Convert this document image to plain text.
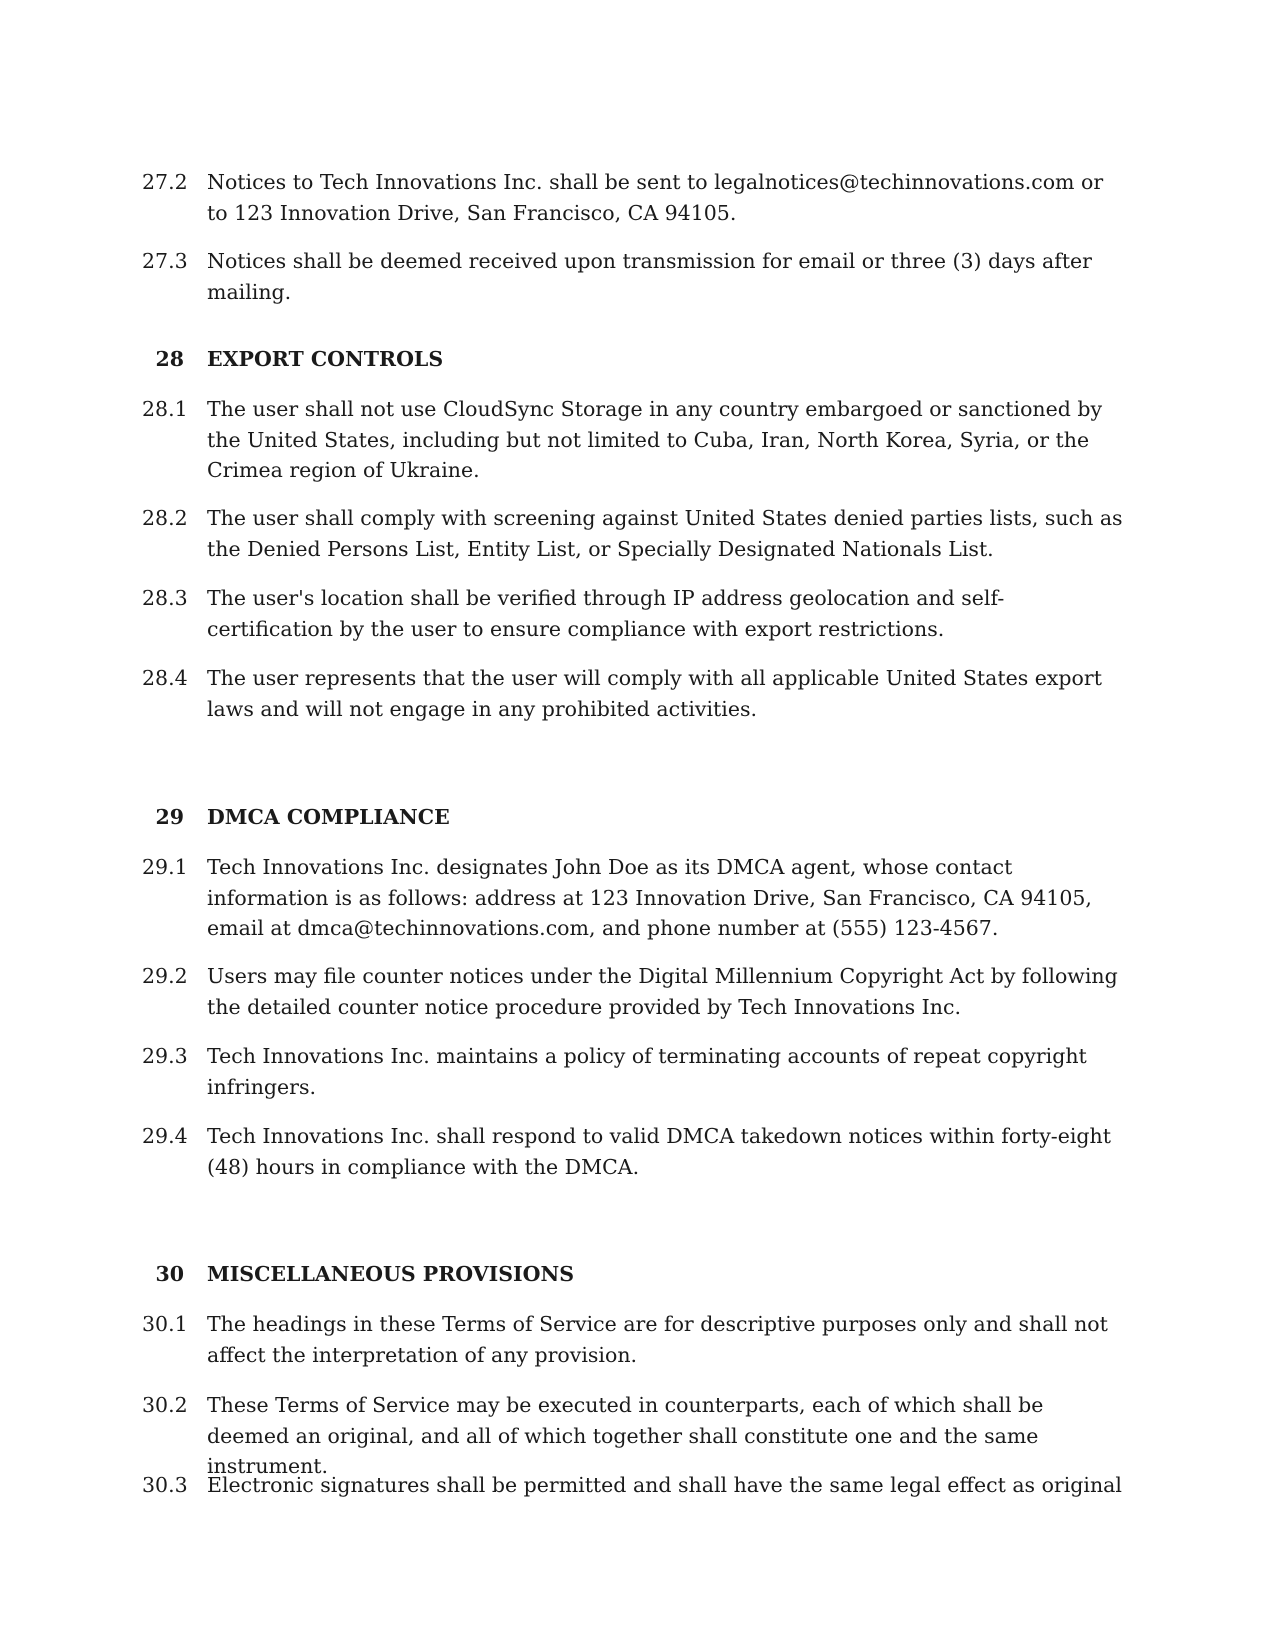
27.2 Notices to Tech Innovations Inc. shall be sent to legalnotices@techinnovations.com or to 123 Innovation Drive, San Francisco, CA 94105.
27.3 Notices shall be deemed received upon transmission for email or three (3) days after mailing.
28 EXPORT CONTROLS
28.1 The user shall not use CloudSync Storage in any country embargoed or sanctioned by the United States, including but not limited to Cuba, Iran, North Korea, Syria, or the Crimea region of Ukraine.
28.2 The user shall comply with screening against United States denied parties lists, such as the Denied Persons List, Entity List, or Specially Designated Nationals List.
28.3 The user's location shall be verified through IP address geolocation and self-certification by the user to ensure compliance with export restrictions.
28.4 The user represents that the user will comply with all applicable United States export laws and will not engage in any prohibited activities.
29 DMCA COMPLIANCE
29.1 Tech Innovations Inc. designates John Doe as its DMCA agent, whose contact information is as follows: address at 123 Innovation Drive, San Francisco, CA 94105, email at dmca@techinnovations.com, and phone number at (555) 123-4567.
29.2 Users may file counter notices under the Digital Millennium Copyright Act by following the detailed counter notice procedure provided by Tech Innovations Inc.
29.3 Tech Innovations Inc. maintains a policy of terminating accounts of repeat copyright infringers.
29.4 Tech Innovations Inc. shall respond to valid DMCA takedown notices within forty-eight (48) hours in compliance with the DMCA.
30 MISCELLANEOUS PROVISIONS
30.1 The headings in these Terms of Service are for descriptive purposes only and shall not affect the interpretation of any provision.
30.2 These Terms of Service may be executed in counterparts, each of which shall be deemed an original, and all of which together shall constitute one and the same instrument.
30.3 Electronic signatures shall be permitted and shall have the same legal effect as original
